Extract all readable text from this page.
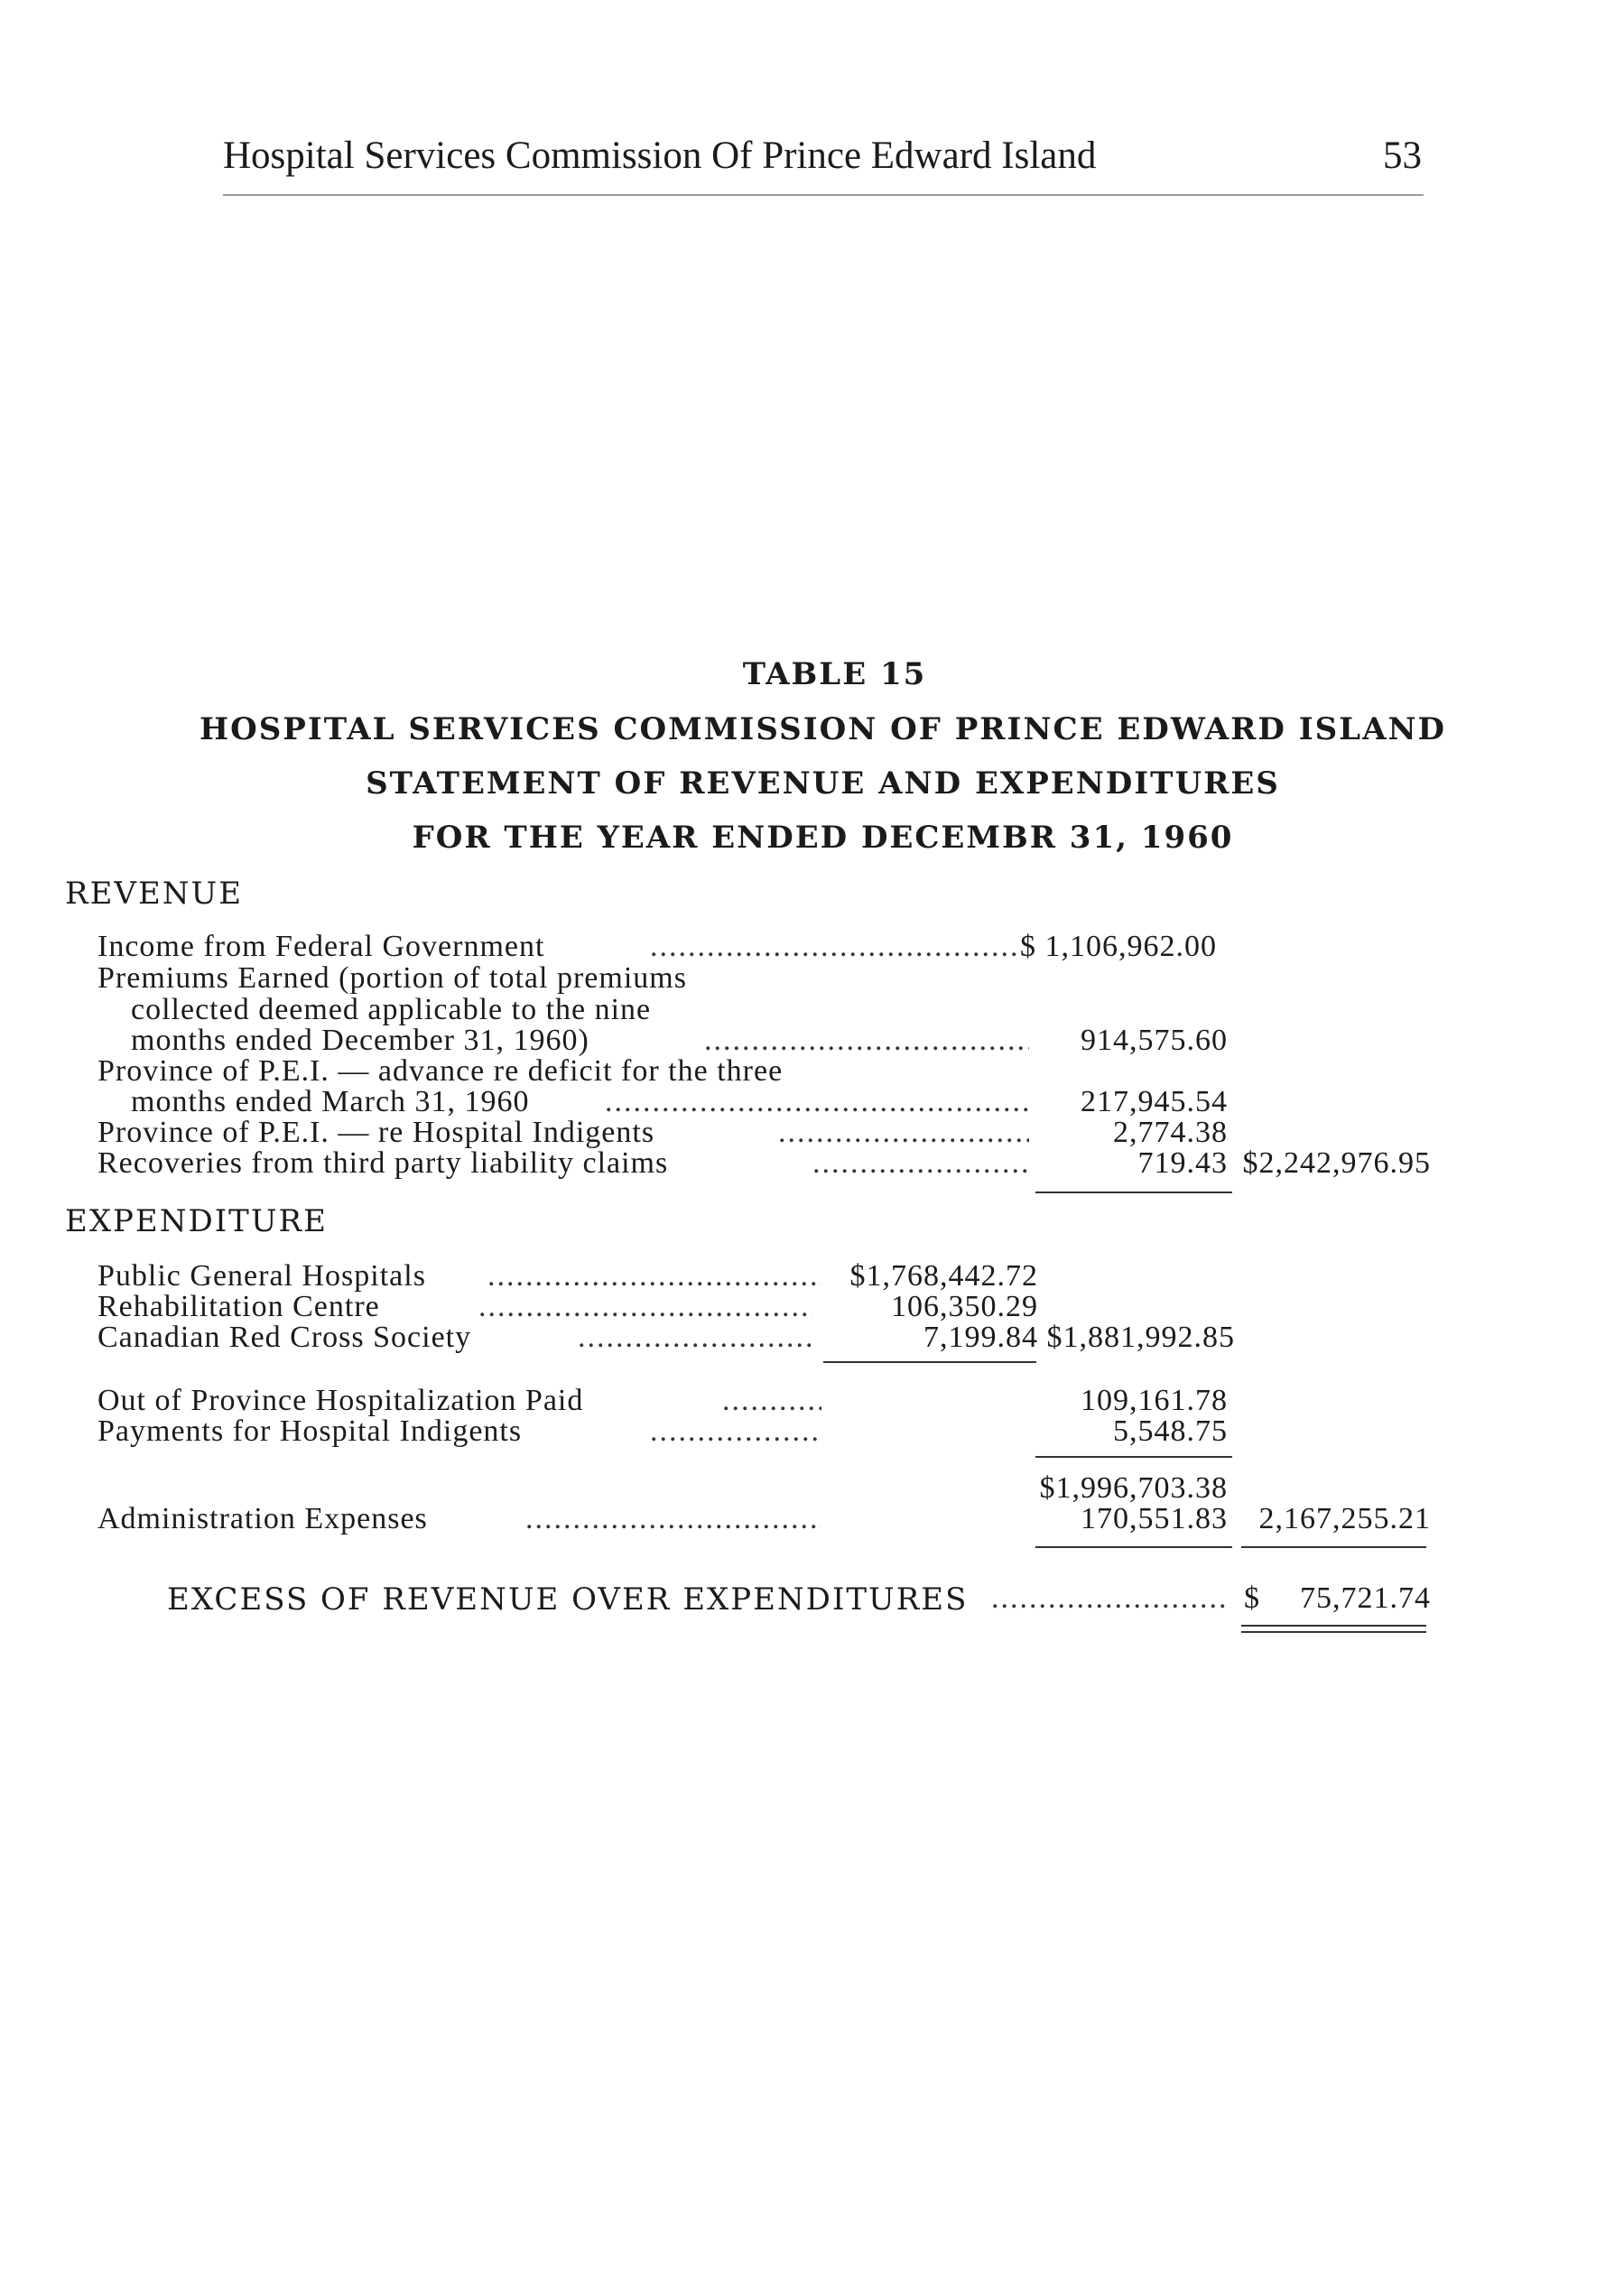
Hospital Services Commission Of Prince Edward Island	53
TABLE 15
HOSPITAL SERVICES COMMISSION OF PRINCE EDWARD ISLAND
STATEMENT OF REVENUE AND EXPENDITURES
FOR THE YEAR ENDED DECEMBR 31, 1960
REVENUE
Income from Federal Government .....	$ 1,106,962.00
Premiums Earned (portion of total premiums
collected deemed applicable to the nine
months ended December 31, 1960) .....	914,575.60
Province of P.E.I. — advance re deficit for the three
months ended March 31, 1960 .....	217,945.54
Province of P.E.I. — re Hospital Indigents .....	2,774.38
Recoveries from third party liability claims .....	719.43 $2,242,976.95
EXPENDITURE
Public General Hospitals .....	$1,768,442.72
Rehabilitation Centre .....	106,350.29
Canadian Red Cross Society .....	7,199.84 $1,881,992.85
Out of Province Hospitalization Paid .....	109,161.78
Payments for Hospital Indigents .....	5,548.75
$1,996,703.38
Administration Expenses .....	170,551.83	2,167,255.21
EXCESS OF REVENUE OVER EXPENDITURES .....	$	75,721.74
